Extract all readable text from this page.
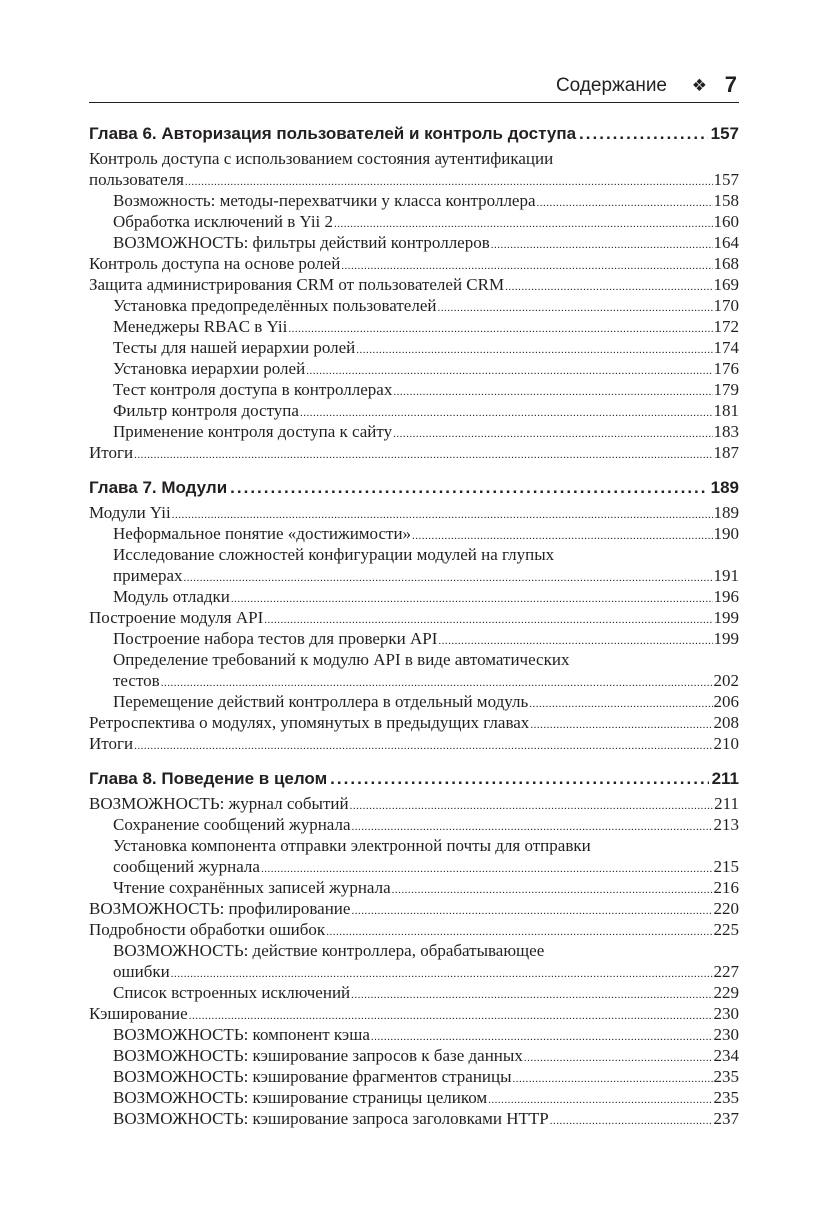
Содержание ❖ 7
Глава 6. Авторизация пользователей и контроль доступа .....	157
Контроль доступа с использованием состояния аутентификации
пользователя .....	157
Возможность: методы-перехватчики у класса контроллера .....	158
Обработка исключений в Yii 2 .....	160
ВОЗМОЖНОСТЬ: фильтры действий контроллеров .....	164
Контроль доступа на основе ролей .....	168
Защита администрирования CRM от пользователей CRM .....	169
Установка предопределённых пользователей .....	170
Менеджеры RBAC в Yii .....	172
Тесты для нашей иерархии ролей .....	174
Установка иерархии ролей .....	176
Тест контроля доступа в контроллерах .....	179
Фильтр контроля доступа .....	181
Применение контроля доступа к сайту .....	183
Итоги .....	187
Глава 7. Модули .....	189
Модули Yii .....	189
Неформальное понятие «достижимости» .....	190
Исследование сложностей конфигурации модулей на глупых
примерах .....	191
Модуль отладки .....	196
Построение модуля API .....	199
Построение набора тестов для проверки API .....	199
Определение требований к модулю API в виде автоматических
тестов .....	202
Перемещение действий контроллера в отдельный модуль .....	206
Ретроспектива о модулях, упомянутых в предыдущих главах .....	208
Итоги .....	210
Глава 8. Поведение в целом .....	211
ВОЗМОЖНОСТЬ: журнал событий .....	211
Сохранение сообщений журнала .....	213
Установка компонента отправки электронной почты для отправки
сообщений журнала .....	215
Чтение сохранённых записей журнала .....	216
ВОЗМОЖНОСТЬ: профилирование .....	220
Подробности обработки ошибок .....	225
ВОЗМОЖНОСТЬ: действие контроллера, обрабатывающее
ошибки .....	227
Список встроенных исключений .....	229
Кэширование .....	230
ВОЗМОЖНОСТЬ: компонент кэша .....	230
ВОЗМОЖНОСТЬ: кэширование запросов к базе данных .....	234
ВОЗМОЖНОСТЬ: кэширование фрагментов страницы .....	235
ВОЗМОЖНОСТЬ: кэширование страницы целиком .....	235
ВОЗМОЖНОСТЬ: кэширование запроса заголовками HTTP .....	237
